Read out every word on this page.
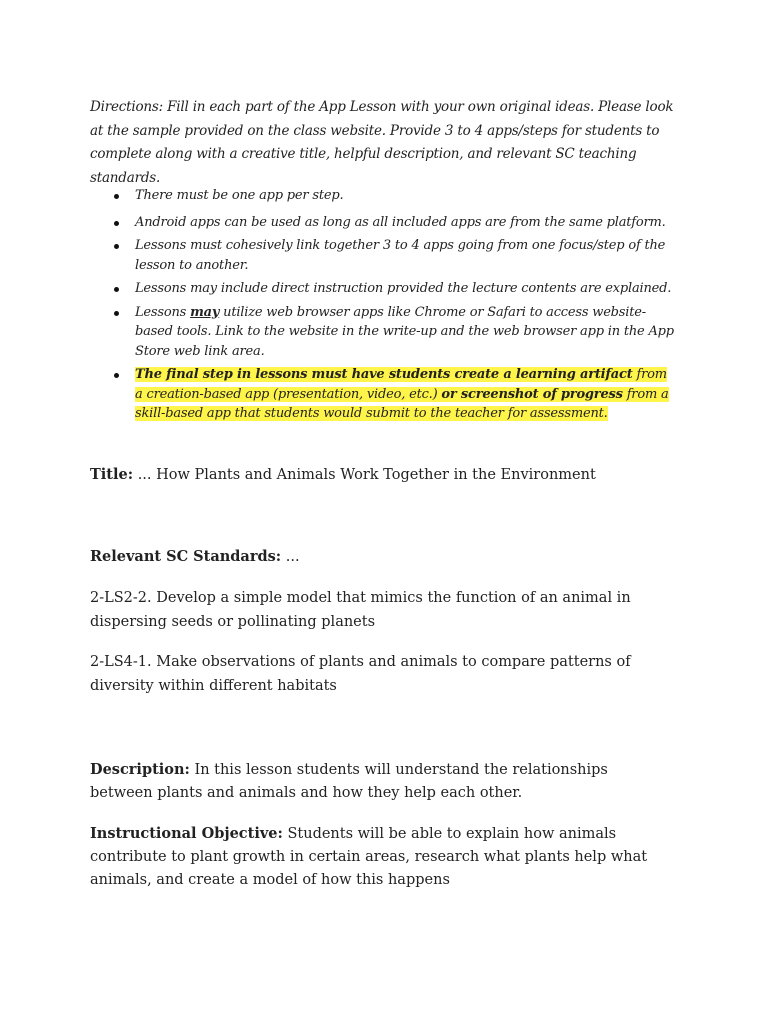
Directions: Fill in each part of the App Lesson with your own original ideas. Please look at the sample provided on the class website. Provide 3 to 4 apps/steps for students to complete along with a creative title, helpful description, and relevant SC teaching standards.
There must be one app per step.
Android apps can be used as long as all included apps are from the same platform.
Lessons must cohesively link together 3 to 4 apps going from one focus/step of the lesson to another.
Lessons may include direct instruction provided the lecture contents are explained.
Lessons may utilize web browser apps like Chrome or Safari to access website-based tools. Link to the website in the write-up and the web browser app in the App Store web link area.
The final step in lessons must have students create a learning artifact from a creation-based app (presentation, video, etc.) or screenshot of progress from a skill-based app that students would submit to the teacher for assessment.
Title: ... How Plants and Animals Work Together in the Environment
Relevant SC Standards: ...
2-LS2-2. Develop a simple model that mimics the function of an animal in dispersing seeds or pollinating planets
2-LS4-1. Make observations of plants and animals to compare patterns of diversity within different habitats
Description: In this lesson students will understand the relationships between plants and animals and how they help each other.
Instructional Objective: Students will be able to explain how animals contribute to plant growth in certain areas, research what plants help what animals, and create a model of how this happens
